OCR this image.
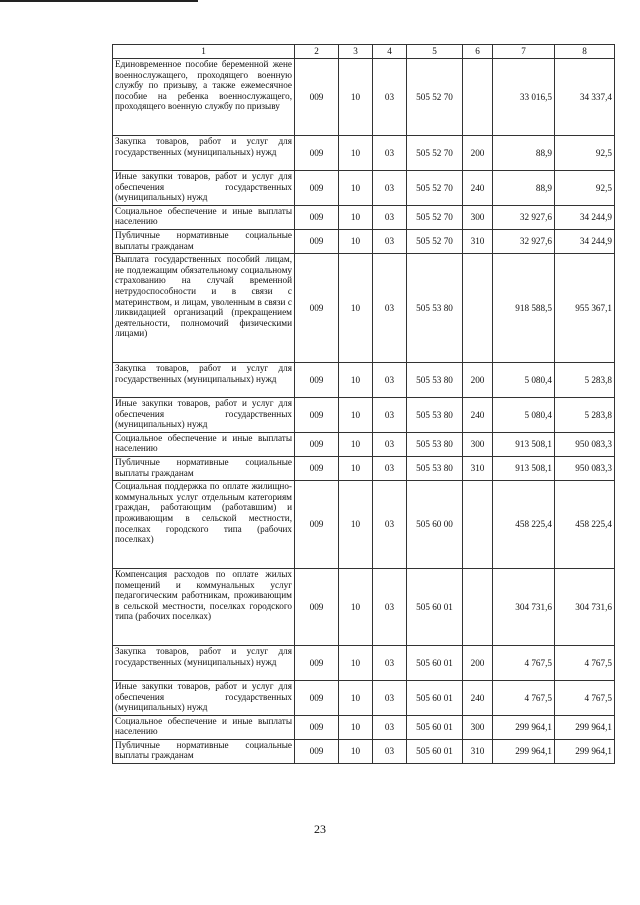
1	2	3	4	5	6	7	8
Единовременное пособие беременной жене военнослужащего, проходящего военную службу по призыву, а также ежемесячное пособие на ребенка военнослужащего, проходящего военную службу по призыву	009	10	03	505 52 70		33 016,5	34 337,4
Закупка товаров, работ и услуг для государственных (муниципальных) нужд	009	10	03	505 52 70	200	88,9	92,5
Иные закупки товаров, работ и услуг для обеспечения государственных (муниципальных) нужд	009	10	03	505 52 70	240	88,9	92,5
Социальное обеспечение и иные выплаты населению	009	10	03	505 52 70	300	32 927,6	34 244,9
Публичные нормативные социальные выплаты гражданам	009	10	03	505 52 70	310	32 927,6	34 244,9
Выплата государственных пособий лицам, не подлежащим обязательному социальному страхованию на случай временной нетрудоспособности и в связи с материнством, и лицам, уволенным в связи с ликвидацией организаций (прекращением деятельности, полномочий физическими лицами)	009	10	03	505 53 80		918 588,5	955 367,1
Закупка товаров, работ и услуг для государственных (муниципальных) нужд	009	10	03	505 53 80	200	5 080,4	5 283,8
Иные закупки товаров, работ и услуг для обеспечения государственных (муниципальных) нужд	009	10	03	505 53 80	240	5 080,4	5 283,8
Социальное обеспечение и иные выплаты населению	009	10	03	505 53 80	300	913 508,1	950 083,3
Публичные нормативные социальные выплаты гражданам	009	10	03	505 53 80	310	913 508,1	950 083,3
Социальная поддержка по оплате жилищно-коммунальных услуг отдельным категориям граждан, работающим (работавшим) и проживающим в сельской местности, поселках городского типа (рабочих поселках)	009	10	03	505 60 00		458 225,4	458 225,4
Компенсация расходов по оплате жилых помещений и коммунальных услуг педагогическим работникам, проживающим в сельской местности, поселках городского типа (рабочих поселках)	009	10	03	505 60 01		304 731,6	304 731,6
Закупка товаров, работ и услуг для государственных (муниципальных) нужд	009	10	03	505 60 01	200	4 767,5	4 767,5
Иные закупки товаров, работ и услуг для обеспечения государственных (муниципальных) нужд	009	10	03	505 60 01	240	4 767,5	4 767,5
Социальное обеспечение и иные выплаты населению	009	10	03	505 60 01	300	299 964,1	299 964,1
Публичные нормативные социальные выплаты гражданам	009	10	03	505 60 01	310	299 964,1	299 964,1
23
